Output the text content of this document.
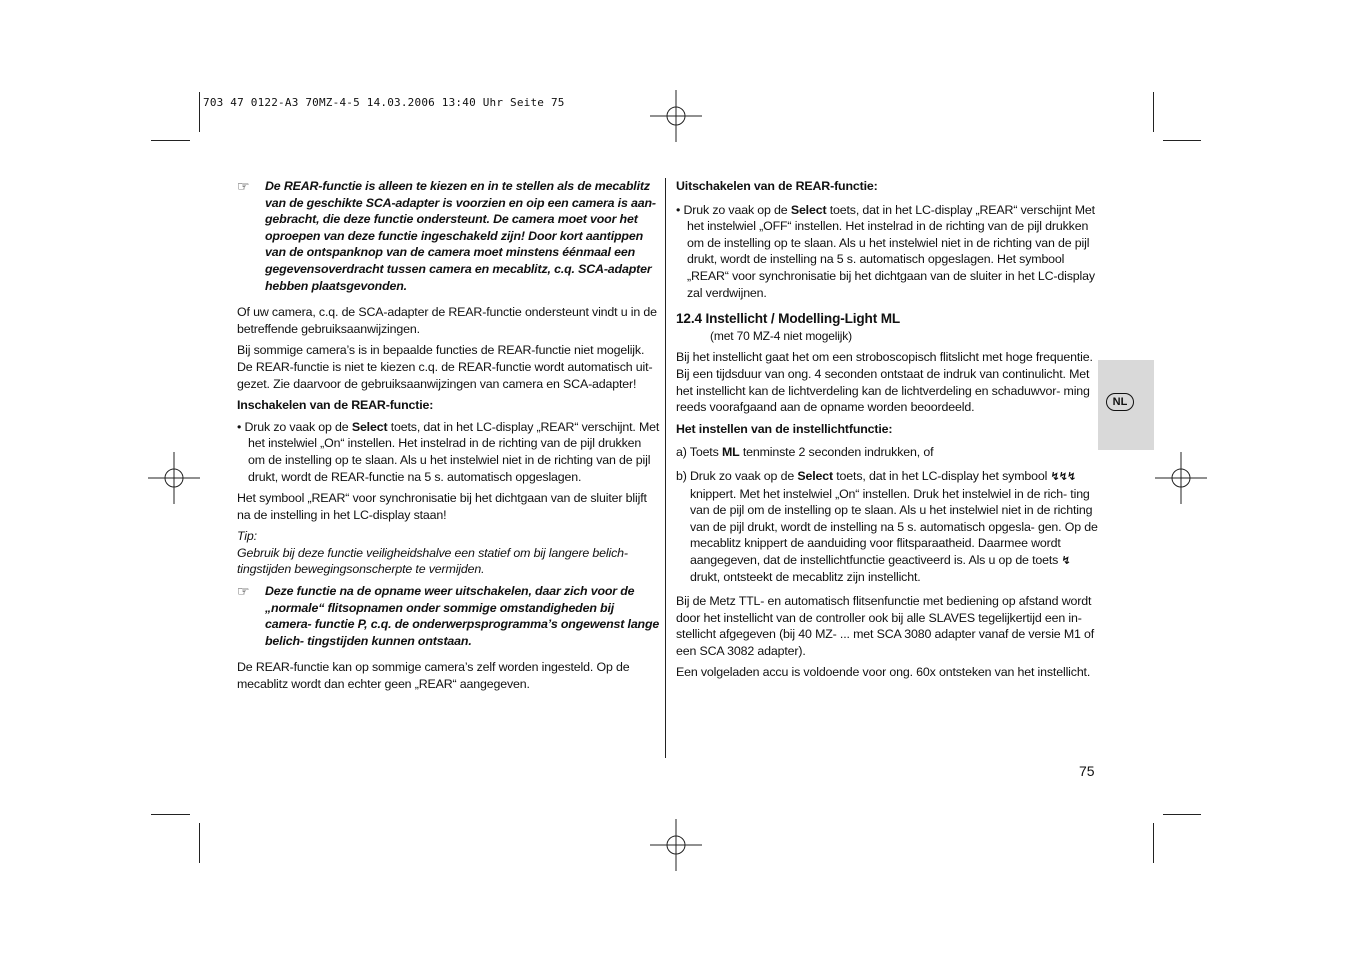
703 47 0122-A3 70MZ-4-5 14.03.2006 13:40 Uhr Seite 75
☞ De REAR-functie is alleen te kiezen en in te stellen als de mecablitz van de geschikte SCA-adapter is voorzien en oip een camera is aan- gebracht, die deze functie ondersteunt. De camera moet voor het oproepen van deze functie ingeschakeld zijn! Door kort aantippen van de ontspanknop van de camera moet minstens éénmaal een gegevensoverdracht tussen camera en mecablitz, c.q. SCA-adapter hebben plaatsgevonden.

Of uw camera, c.q. de SCA-adapter de REAR-functie ondersteunt vindt u in de betreffende gebruiksaanwijzingen.

Bij sommige camera’s is in bepaalde functies de REAR-functie niet mogelijk. De REAR-functie is niet te kiezen c.q. de REAR-functie wordt automatisch uit- gezet. Zie daarvoor de gebruiksaanwijzingen van camera en SCA-adapter!

Inschakelen van de REAR-functie:

• Druk zo vaak op de Select toets, dat in het LC-display „REAR“ verschijnt. Met het instelwiel „On“ instellen. Het instelrad in de richting van de pijl drukken om de instelling op te slaan. Als u het instelwiel niet in de richting van de pijl drukt, wordt de REAR-functie na 5 s. automatisch opgeslagen.

Het symbool „REAR“ voor synchronisatie bij het dichtgaan van de sluiter blijft na de instelling in het LC-display staan!

Tip:

Gebruik bij deze functie veiligheidshalve een statief om bij langere belich- tingstijden bewegingsonscherpte te vermijden.

☞ Deze functie na de opname weer uitschakelen, daar zich voor de „normale“ flitsopnamen onder sommige omstandigheden bij camera- functie P, c.q. de onderwerpsprogramma’s ongewenst lange belich- tingstijden kunnen ontstaan.

De REAR-functie kan op sommige camera’s zelf worden ingesteld. Op de mecablitz wordt dan echter geen „REAR“ aangegeven.

Uitschakelen van de REAR-functie:

• Druk zo vaak op de Select toets, dat in het LC-display „REAR“ verschijnt Met het instelwiel „OFF“ instellen. Het instelrad in de richting van de pijl drukken om de instelling op te slaan. Als u het instelwiel niet in de richting van de pijl drukt, wordt de instelling na 5 s. automatisch opgeslagen. Het symbool „REAR“ voor synchronisatie bij het dichtgaan van de sluiter in het LC-display zal verdwijnen.

12.4 Instellicht / Modelling-Light ML

(met 70 MZ-4 niet mogelijk)

Bij het instellicht gaat het om een stroboscopisch flitslicht met hoge frequentie. Bij een tijdsduur van ong. 4 seconden ontstaat de indruk van continulicht. Met het instellicht kan de lichtverdeling kan de lichtverdeling en schaduwvor- ming reeds voorafgaand aan de opname worden beoordeeld.

Het instellen van de instellichtfunctie:

a) Toets ML tenminste 2 seconden indrukken, of

b) Druk zo vaak op de Select toets, dat in het LC-display het symbool ↯↯↯ knippert. Met het instelwiel „On“ instellen. Druk het instelwiel in de rich- ting van de pijl om de instelling op te slaan. Als u het instelwiel niet in de richting van de pijl drukt, wordt de instelling na 5 s. automatisch opgesla- gen. Op de mecablitz knippert de aanduiding voor flitsparaatheid. Daarmee wordt aangegeven, dat de instellichtfunctie geactiveerd is. Als u op de toets ↯ drukt, ontsteekt de mecablitz zijn instellicht.

Bij de Metz TTL- en automatisch flitsenfunctie met bediening op afstand wordt door het instellicht van de controller ook bij alle SLAVES tegelijkertijd een in- stellicht afgegeven (bij 40 MZ- ... met SCA 3080 adapter vanaf de versie M1 of een SCA 3082 adapter).

Een volgeladen accu is voldoende voor ong. 60x ontsteken van het instellicht.

NL
75
